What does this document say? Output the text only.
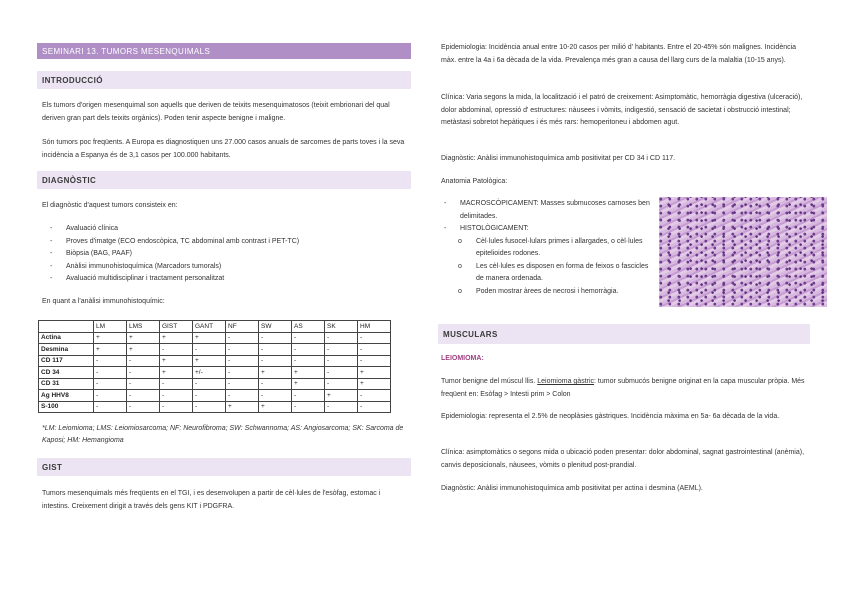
SEMINARI 13. TUMORS MESENQUIMALS
INTRODUCCIÓ
Els tumors d'origen mesenquimal son aquells que deriven de teixits mesenquimatosos (teixit embrionari del qual deriven gran part dels teixits orgànics). Poden tenir aspecte benigne i maligne.
Són tumors poc freqüents. A Europa es diagnostiquen uns 27.000 casos anuals de sarcomes de parts toves i la seva incidència a Espanya és de 3,1 casos per 100.000 habitants.
DIAGNÒSTIC
El diagnòstic d'aquest tumors consisteix en:
- Avaluació clínica
- Proves d'imatge (ECO endoscòpica, TC abdominal amb contrast i PET-TC)
- Biòpsia (BAG, PAAF)
- Anàlisi immunohistoquímica (Marcadors tumorals)
- Avaluació multidisciplinar i tractament personalitzat
En quant a l'anàlisi immunohistoquímic:
	LM	LMS	GIST	GANT	NF	SW	AS	SK	HM
Actina	+	+	+	+	-	-	-	-	-
Desmina	+	+	-	-	-	-	-	-	-
CD 117	-	-	+	+	-	-	-	-	-
CD 34	-	-	+	+/-	-	+	+	-	+
CD 31	-	-	-	-	-	-	+	-	+
Ag HHV8	-	-	-	-	-	-	-	+	-
S-100	-	-	-	-	+	+	-	-	-
*LM: Leiomioma; LMS: Leiomiosarcoma; NF: Neurofibroma; SW: Schwannoma; AS: Angiosarcoma; SK: Sarcoma de Kaposi; HM: Hemangioma
GIST
Tumors mesenquimals més freqüents en el TGI, i es desenvolupen a partir de cèl·lules de l'esòfag, estomac i intestins. Creixement dirigit a través dels gens KIT i PDGFRA.
Epidemiologia: Incidència anual entre 10-20 casos per milió d' habitants. Entre el 20-45% són malignes. Incidència màx. entre la 4a i 6a dècada de la vida. Prevalença més gran a causa del llarg curs de la malaltia (10-15 anys).
Clínica: Varia segons la mida, la localització i el patró de creixement: Asimptomàtic, hemorràgia digestiva (ulceració), dolor abdominal, opressió d' estructures: nàusees i vòmits, indigestió, sensació de sacietat i obstrucció intestinal; metàstasi sobretot hepàtiques i és més rars: hemoperitoneu i abdomen agut.
Diagnòstic: Anàlisi immunohistoquímica amb positivitat per CD 34 i CD 117.
Anatomia Patològica:
- MACROSCÒPICAMENT: Masses submucoses carnoses ben delimitades.
- HISTOLÒGICAMENT:
o Cèl·lules fusocel·lulars primes i allargades, o cèl·lules epitelioides rodones.
o Les cèl·lules es disposen en forma de feixos o fascicles de manera ordenada.
o Poden mostrar àrees de necrosi i hemorràgia.
MUSCULARS
LEIOMIOMA:
Tumor benigne del múscul llis. Leiomioma gàstric: tumor submucós benigne originat en la capa muscular pròpia. Més freqüent en: Esòfag > Intesti prim > Colon
Epidemiologia: representa el 2.5% de neoplàsies gàstriques. Incidència màxima en 5a- 6a dècada de la vida.
Clínica: asimptomàtics o segons mida o ubicació poden presentar: dolor abdominal, sagnat gastrointestinal (anèmia), canvis deposicionals, nàusees, vòmits o plenitud post-prandial.
Diagnòstic: Anàlisi immunohistoquímica amb positivitat per actina i desmina (AEML).
